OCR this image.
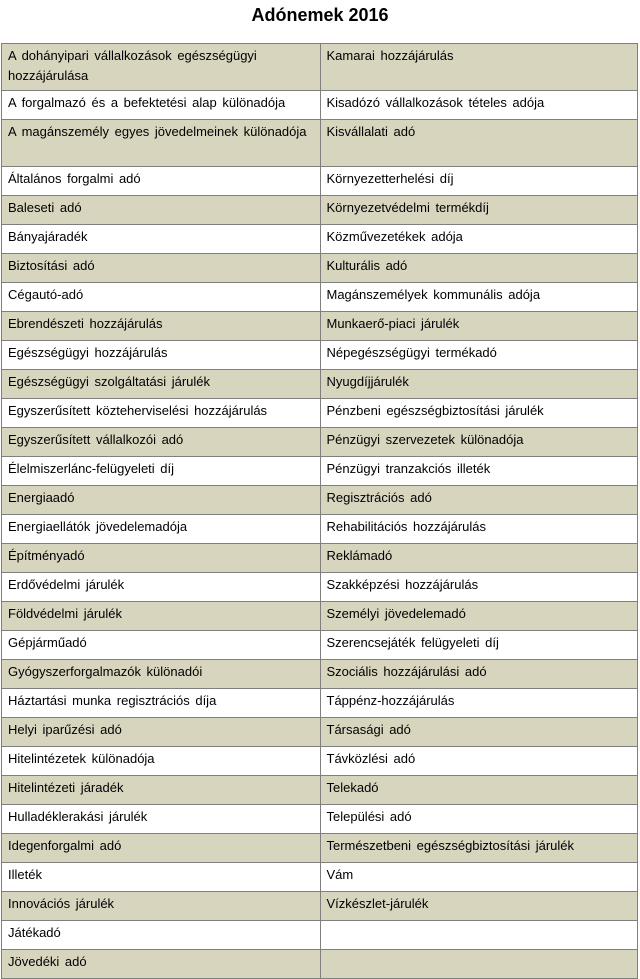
Adónemek 2016
A dohányipari vállalkozások egészségügyi hozzájárulása	Kamarai hozzájárulás
A forgalmazó és a befektetési alap különadója	Kisadózó vállalkozások tételes adója
A magánszemély egyes jövedelmeinek különadója	Kisvállalati adó
Általános forgalmi adó	Környezetterhelési díj
Baleseti adó	Környezetvédelmi termékdíj
Bányajáradék	Közművezetékek adója
Biztosítási adó	Kulturális adó
Cégautó-adó	Magánszemélyek kommunális adója
Ebrendészeti hozzájárulás	Munkaerő-piaci járulék
Egészségügyi hozzájárulás	Népegészségügyi termékadó
Egészségügyi szolgáltatási járulék	Nyugdíjjárulék
Egyszerűsített közteherviselési hozzájárulás	Pénzbeni egészségbiztosítási járulék
Egyszerűsített vállalkozói adó	Pénzügyi szervezetek különadója
Élelmiszerlánc-felügyeleti díj	Pénzügyi tranzakciós illeték
Energiaadó	Regisztrációs adó
Energiaellátók jövedelemadója	Rehabilitációs hozzájárulás
Építményadó	Reklámadó
Erdővédelmi járulék	Szakképzési hozzájárulás
Földvédelmi járulék	Személyi jövedelemadó
Gépjárműadó	Szerencsejáték felügyeleti díj
Gyógyszerforgalmazók különadói	Szociális hozzájárulási adó
Háztartási munka regisztrációs díja	Táppénz-hozzájárulás
Helyi iparűzési adó	Társasági adó
Hitelintézetek különadója	Távközlési adó
Hitelintézeti járadék	Telekadó
Hulladéklerakási járulék	Települési adó
Idegenforgalmi adó	Természetbeni egészségbiztosítási járulék
Illeték	Vám
Innovációs járulék	Vízkészlet-járulék
Játékadó	
Jövedéki adó	
